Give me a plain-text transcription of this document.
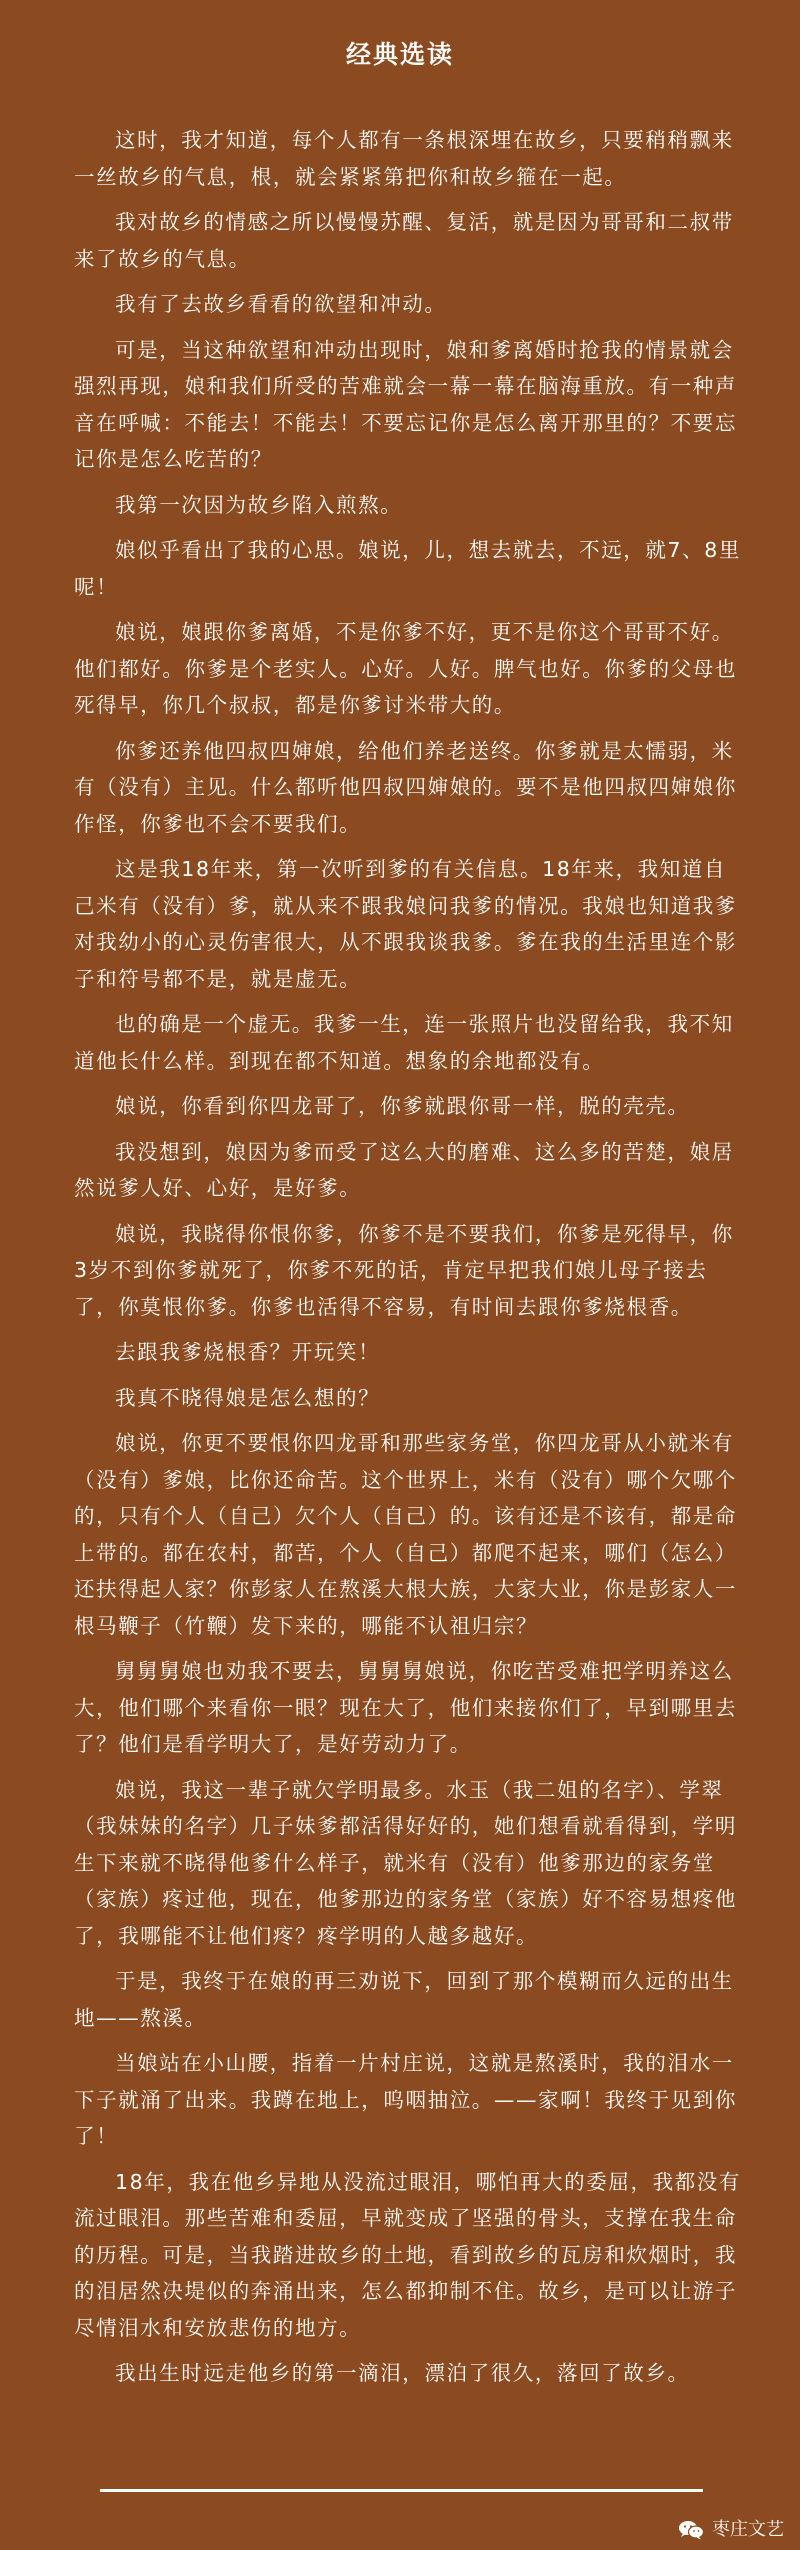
经典选读

这时，我才知道，每个人都有一条根深埋在故乡，只要稍稍飘来一丝故乡的气息，根，就会紧紧第把你和故乡箍在一起。

我对故乡的情感之所以慢慢苏醒、复活，就是因为哥哥和二叔带来了故乡的气息。

我有了去故乡看看的欲望和冲动。

可是，当这种欲望和冲动出现时，娘和爹离婚时抢我的情景就会强烈再现，娘和我们所受的苦难就会一幕一幕在脑海重放。有一种声音在呼喊：不能去！不能去！不要忘记你是怎么离开那里的？不要忘记你是怎么吃苦的？

我第一次因为故乡陷入煎熬。

娘似乎看出了我的心思。娘说，儿，想去就去，不远，就7、8里呢！

娘说，娘跟你爹离婚，不是你爹不好，更不是你这个哥哥不好。他们都好。你爹是个老实人。心好。人好。脾气也好。你爹的父母也死得早，你几个叔叔，都是你爹讨米带大的。

你爹还养他四叔四婶娘，给他们养老送终。你爹就是太懦弱，米有（没有）主见。什么都听他四叔四婶娘的。要不是他四叔四婶娘你作怪，你爹也不会不要我们。

这是我18年来，第一次听到爹的有关信息。18年来，我知道自己米有（没有）爹，就从来不跟我娘问我爹的情况。我娘也知道我爹对我幼小的心灵伤害很大，从不跟我谈我爹。爹在我的生活里连个影子和符号都不是，就是虚无。

也的确是一个虚无。我爹一生，连一张照片也没留给我，我不知道他长什么样。到现在都不知道。想象的余地都没有。

娘说，你看到你四龙哥了，你爹就跟你哥一样，脱的壳壳。

我没想到，娘因为爹而受了这么大的磨难、这么多的苦楚，娘居然说爹人好、心好，是好爹。

娘说，我晓得你恨你爹，你爹不是不要我们，你爹是死得早，你3岁不到你爹就死了，你爹不死的话，肯定早把我们娘儿母子接去了，你莫恨你爹。你爹也活得不容易，有时间去跟你爹烧根香。

去跟我爹烧根香？开玩笑！

我真不晓得娘是怎么想的？

娘说，你更不要恨你四龙哥和那些家务堂，你四龙哥从小就米有（没有）爹娘，比你还命苦。这个世界上，米有（没有）哪个欠哪个的，只有个人（自己）欠个人（自己）的。该有还是不该有，都是命上带的。都在农村，都苦，个人（自己）都爬不起来，哪们（怎么）还扶得起人家？你彭家人在熬溪大根大族，大家大业，你是彭家人一根马鞭子（竹鞭）发下来的，哪能不认祖归宗？

舅舅舅娘也劝我不要去，舅舅舅娘说，你吃苦受难把学明养这么大，他们哪个来看你一眼？现在大了，他们来接你们了，早到哪里去了？他们是看学明大了，是好劳动力了。

娘说，我这一辈子就欠学明最多。水玉（我二姐的名字）、学翠（我妹妹的名字）几子妹爹都活得好好的，她们想看就看得到，学明生下来就不晓得他爹什么样子，就米有（没有）他爹那边的家务堂（家族）疼过他，现在，他爹那边的家务堂（家族）好不容易想疼他了，我哪能不让他们疼？疼学明的人越多越好。

于是，我终于在娘的再三劝说下，回到了那个模糊而久远的出生地——熬溪。

当娘站在小山腰，指着一片村庄说，这就是熬溪时，我的泪水一下子就涌了出来。我蹲在地上，呜咽抽泣。——家啊！我终于见到你了！

18年，我在他乡异地从没流过眼泪，哪怕再大的委屈，我都没有流过眼泪。那些苦难和委屈，早就变成了坚强的骨头，支撑在我生命的历程。可是，当我踏进故乡的土地，看到故乡的瓦房和炊烟时，我的泪居然决堤似的奔涌出来，怎么都抑制不住。故乡，是可以让游子尽情泪水和安放悲伤的地方。

我出生时远走他乡的第一滴泪，漂泊了很久，落回了故乡。

枣庄文艺
